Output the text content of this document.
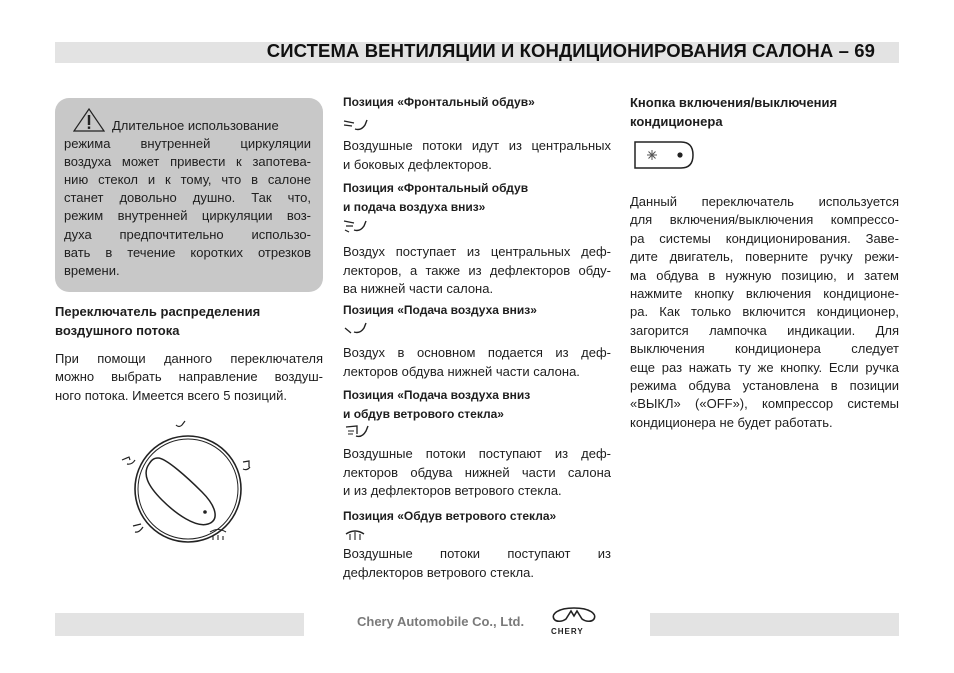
СИСТЕМА ВЕНТИЛЯЦИИ И КОНДИЦИОНИРОВАНИЯ САЛОНА – 69
Длительное использование
режима внутренней циркуляции
воздуха может привести к запотева-
нию стекол и к тому, что в салоне
станет довольно душно. Так что,
режим внутренней циркуляции воз-
духа предпочтительно использо-
вать в течение коротких отрезков
времени.
Переключатель распределения
воздушного потока
При помощи данного переключателя
можно выбрать направление воздуш-
ного потока. Имеется всего 5 позиций.
Позиция «Фронтальный обдув»
Воздушные потоки идут из центральных
и боковых дефлекторов.
Позиция «Фронтальный обдув
и подача воздуха вниз»
Воздух поступает из центральных деф-
лекторов, а также из дефлекторов обду-
ва нижней части салона.
Позиция «Подача воздуха вниз»
Воздух в основном подается из деф-
лекторов обдува нижней части салона.
Позиция «Подача воздуха вниз
и обдув ветрового стекла»
Воздушные потоки поступают из деф-
лекторов обдува нижней части салона
и из дефлекторов ветрового стекла.
Позиция «Обдув ветрового стекла»
Воздушные потоки поступают из
дефлекторов ветрового стекла.
Кнопка включения/выключения
кондиционера
Данный переключатель используется
для включения/выключения компрессо-
ра системы кондиционирования. Заве-
дите двигатель, поверните ручку режи-
ма обдува в нужную позицию, и затем
нажмите кнопку включения кондиционе-
ра. Как только включится кондиционер,
загорится лампочка индикации. Для
выключения кондиционера следует
еще раз нажать ту же кнопку. Если ручка
режима обдува установлена в позиции
«ВЫКЛ» («OFF»), компрессор системы
кондиционера не будет работать.
Chery Automobile Co., Ltd.
CHERY
